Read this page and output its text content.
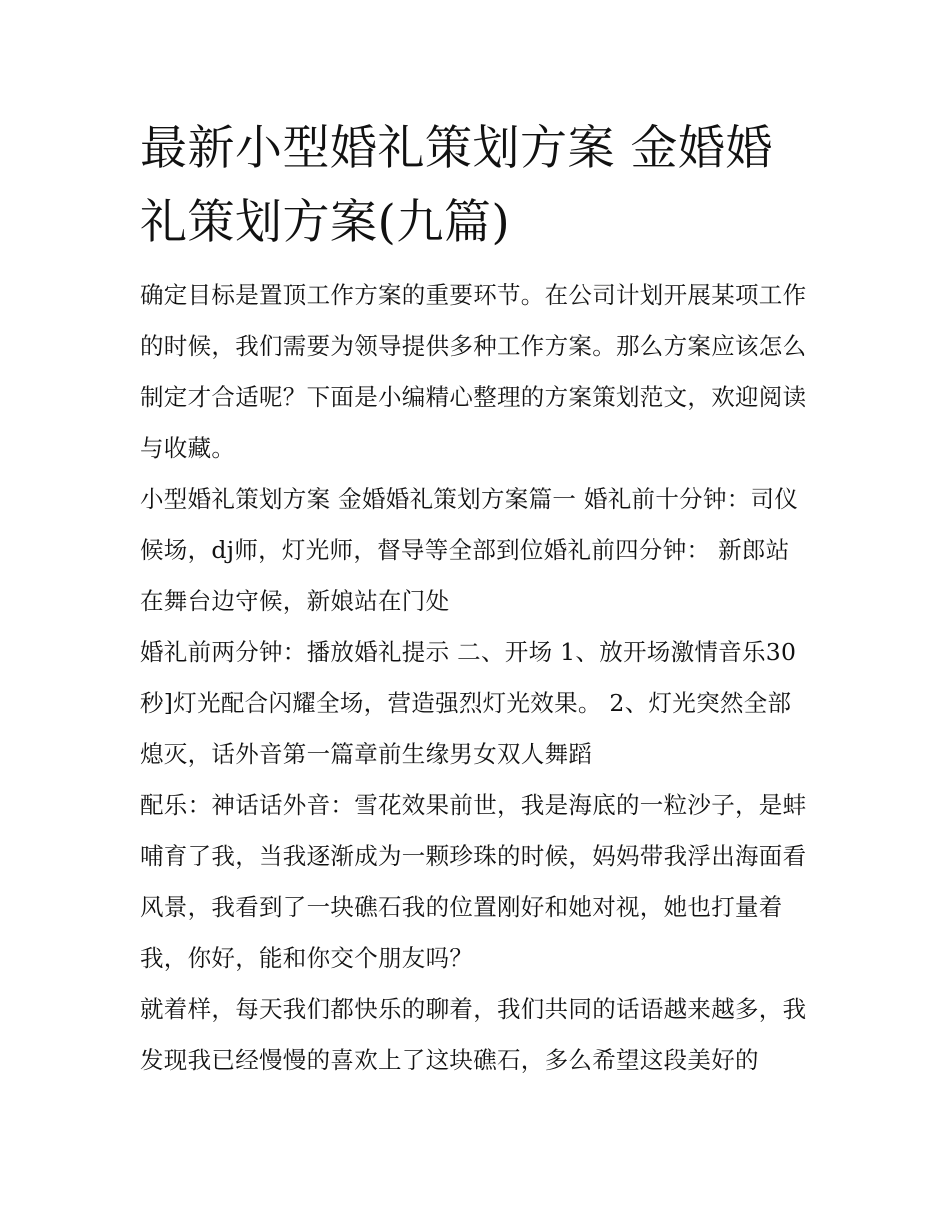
最新小型婚礼策划方案 金婚婚礼策划方案(九篇)

确定目标是置顶工作方案的重要环节。在公司计划开展某项工作的时候，我们需要为领导提供多种工作方案。那么方案应该怎么制定才合适呢？下面是小编精心整理的方案策划范文，欢迎阅读与收藏。

小型婚礼策划方案 金婚婚礼策划方案篇一 婚礼前十分钟：司仪候场，dj师，灯光师，督导等全部到位婚礼前四分钟： 新郎站在舞台边守候，新娘站在门处

婚礼前两分钟：播放婚礼提示 二、开场 1、放开场激情音乐30秒]灯光配合闪耀全场，营造强烈灯光效果。 2、灯光突然全部熄灭，话外音第一篇章前生缘男女双人舞蹈

配乐：神话话外音：雪花效果前世，我是海底的一粒沙子，是蚌哺育了我，当我逐渐成为一颗珍珠的时候，妈妈带我浮出海面看风景，我看到了一块礁石我的位置刚好和她对视，她也打量着我，你好，能和你交个朋友吗？

就着样，每天我们都快乐的聊着，我们共同的话语越来越多，我发现我已经慢慢的喜欢上了这块礁石，多么希望这段美好的
